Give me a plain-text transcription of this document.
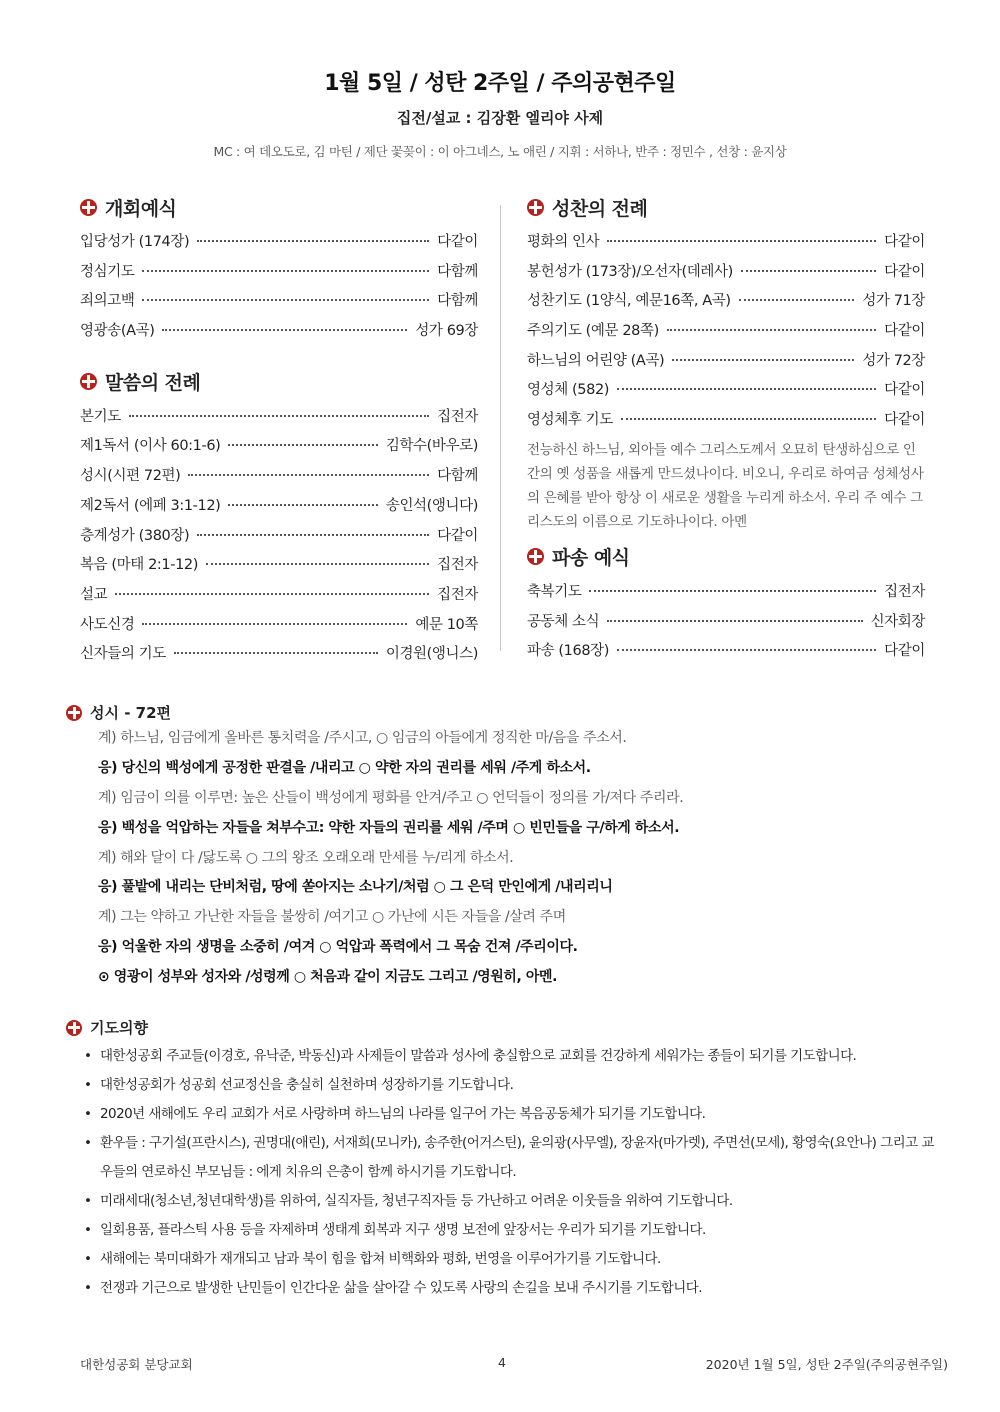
1월 5일 / 성탄 2주일 / 주의공현주일
집전/설교 : 김장환 엘리야 사제
MC : 여 데오도로, 김 마틴 / 제단 꽃꽂이 : 이 아그네스, 노 애린 / 지휘 : 서하나, 반주 : 정민수 , 선창 : 윤지상
개회예식
입당성가 (174장)	다같이
정심기도	다함께
죄의고백	다함께
영광송(A곡)	성가 69장
말씀의 전례
본기도	집전자
제1독서 (이사 60:1-6)	김학수(바우로)
성시(시편 72편)	다함께
제2독서 (에페 3:1-12)	송인석(앵니다)
층계성가 (380장)	다같이
복음 (마태 2:1-12)	집전자
설교	집전자
사도신경	예문 10쪽
신자들의 기도	이경원(앵니스)
성찬의 전례
평화의 인사	다같이
봉헌성가 (173장)/오선자(데레사)	다같이
성찬기도 (1양식, 예문16쪽, A곡)	성가 71장
주의기도 (예문 28쪽)	다같이
하느님의 어린양 (A곡)	성가 72장
영성체 (582)	다같이
영성체후 기도	다같이

전능하신 하느님, 외아들 예수 그리스도께서 오묘히 탄생하심으로 인간의 옛 성품을 새롭게 만드셨나이다. 비오니, 우리로 하여금 성체성사의 은혜를 받아 항상 이 새로운 생활을 누리게 하소서. 우리 주 예수 그리스도의 이름으로 기도하나이다. 아멘

파송 예식
축복기도	집전자
공동체 소식	신자회장
파송 (168장)	다같이
성시 - 72편
계) 하느님, 임금에게 올바른 통치력을 /주시고, ○ 임금의 아들에게 정직한 마/음을 주소서.
응) 당신의 백성에게 공정한 판결을 /내리고 ○ 약한 자의 권리를 세워 /주게 하소서.
계) 임금이 의를 이루면: 높은 산들이 백성에게 평화를 안겨/주고 ○ 언덕들이 정의를 가/져다 주리라.
응) 백성을 억압하는 자들을 쳐부수고: 약한 자들의 권리를 세워 /주며 ○ 빈민들을 구/하게 하소서.
계) 해와 달이 다 /닳도록 ○ 그의 왕조 오래오래 만세를 누/리게 하소서.
응) 풀밭에 내리는 단비처럼, 땅에 쏟아지는 소나기/처럼 ○ 그 은덕 만인에게 /내리리니
계) 그는 약하고 가난한 자들을 불쌍히 /여기고 ○ 가난에 시든 자들을 /살려 주며
응) 억울한 자의 생명을 소중히 /여겨 ○ 억압과 폭력에서 그 목숨 건져 /주리이다.
⊙ 영광이 성부와 성자와 /성령께 ○ 처음과 같이 지금도 그리고 /영원히, 아멘.
기도의향
• 대한성공회 주교들(이경호, 유낙준, 박동신)과 사제들이 말씀과 성사에 충실함으로 교회를 건강하게 세워가는 종들이 되기를 기도합니다.
• 대한성공회가 성공회 선교정신을 충실히 실천하며 성장하기를 기도합니다.
• 2020년 새해에도 우리 교회가 서로 사랑하며 하느님의 나라를 일구어 가는 복음공동체가 되기를 기도합니다.
• 환우들 : 구기설(프란시스), 권명대(애린), 서재희(모니카), 송주한(어거스틴), 윤의광(사무엘), 장윤자(마가렛), 주면선(모세), 황영숙(요안나) 그리고 교우들의 연로하신 부모님들 : 에게 치유의 은총이 함께 하시기를 기도합니다.
• 미래세대(청소년,청년대학생)를 위하여, 실직자들, 청년구직자들 등 가난하고 어려운 이웃들을 위하여 기도합니다.
• 일회용품, 플라스틱 사용 등을 자제하며 생태계 회복과 지구 생명 보전에 앞장서는 우리가 되기를 기도합니다.
• 새해에는 북미대화가 재개되고 남과 북이 힘을 합쳐 비핵화와 평화, 번영을 이루어가기를 기도합니다.
• 전쟁과 기근으로 발생한 난민들이 인간다운 삶을 살아갈 수 있도록 사랑의 손길을 보내 주시기를 기도합니다.
대한성공회 분당교회	4	2020년 1월 5일, 성탄 2주일(주의공현주일)
